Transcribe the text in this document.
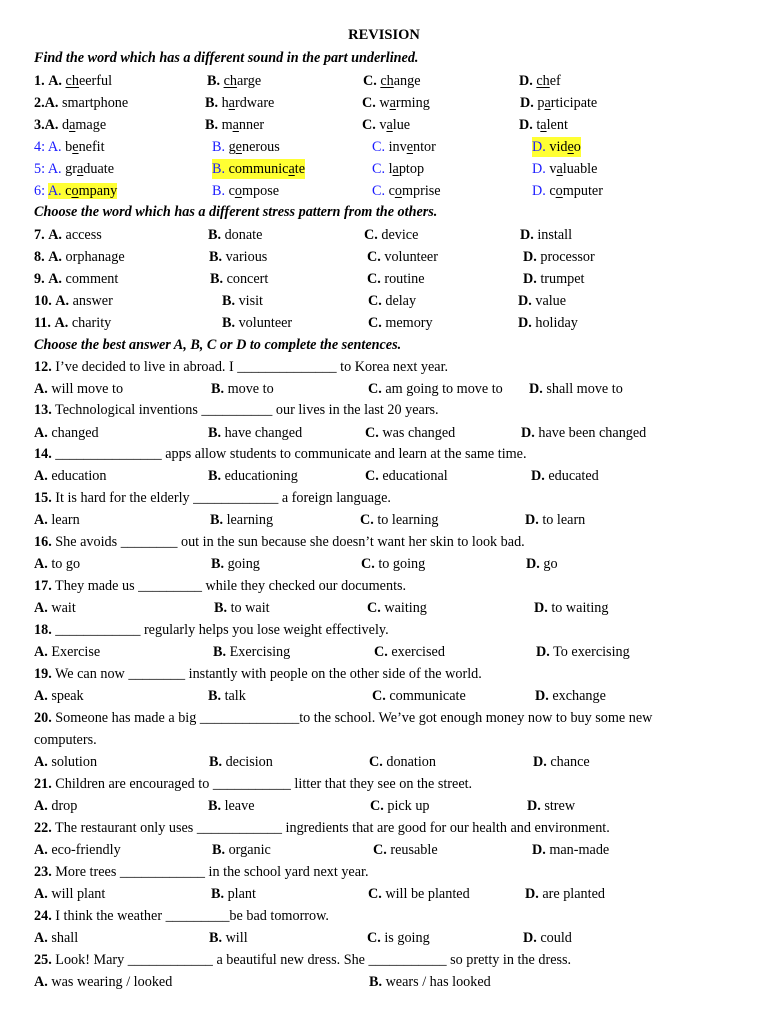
REVISION
Find the word which has a different sound in the part underlined.
1. A. cheerful	B. charge	C. change	D. chef
2.A. smartphone	B. hardware	C. warming	D. participate
3.A. damage	B. manner	C. value	D. talent
4: A. benefit	B. generous	C. inventor	D. video
5: A. graduate	B. communicate	C. laptop	D. valuable
6: A. company	B. compose	C. comprise	D. computer
Choose the word which has a different stress pattern from the others.
7. A. access	B. donate	C. device	D. install
8. A. orphanage	B. various	C. volunteer	D. processor
9. A. comment	B. concert	C. routine	D. trumpet
10. A. answer	B. visit	C. delay	D. value
11. A. charity	B. volunteer	C. memory	D. holiday
Choose the best answer A, B, C or D to complete the sentences.
12. I’ve decided to live in abroad. I ______________ to Korea next year.
A. will move to	B. move to	C. am going to move to D. shall move to
13. Technological inventions __________ our lives in the last 20 years.
A. changed	B. have changed	C. was changed	D. have been changed
14. _______________ apps allow students to communicate and learn at the same time.
A. education	B. educationing	C. educational	D. educated
15. It is hard for the elderly ____________ a foreign language.
A. learn	B. learning	C. to learning	D. to learn
16. She avoids ________ out in the sun because she doesn’t want her skin to look bad.
A. to go	B. going	C. to going	D. go
17. They made us _________ while they checked our documents.
A. wait	B. to wait	C. waiting	D. to waiting
18. ____________ regularly helps you lose weight effectively.
A. Exercise	B. Exercising	C. exercised	D. To exercising
19. We can now ________ instantly with people on the other side of the world.
A. speak	B. talk	C. communicate	D. exchange
20. Someone has made a big ______________to the school. We’ve got enough money now to buy some new
computers.
A. solution	B. decision	C. donation	D. chance
21. Children are encouraged to ___________ litter that they see on the street.
A. drop	B. leave	C. pick up	D. strew
22. The restaurant only uses ____________ ingredients that are good for our health and environment.
A. eco-friendly	B. organic	C. reusable	D. man-made
23. More trees ____________ in the school yard next year.
A. will plant	B. plant	C. will be planted	D. are planted
24. I think the weather _________be bad tomorrow.
A. shall	B. will	C. is going	D. could
25. Look! Mary ____________ a beautiful new dress. She ___________ so pretty in the dress.
A. was wearing / looked	B. wears / has looked
